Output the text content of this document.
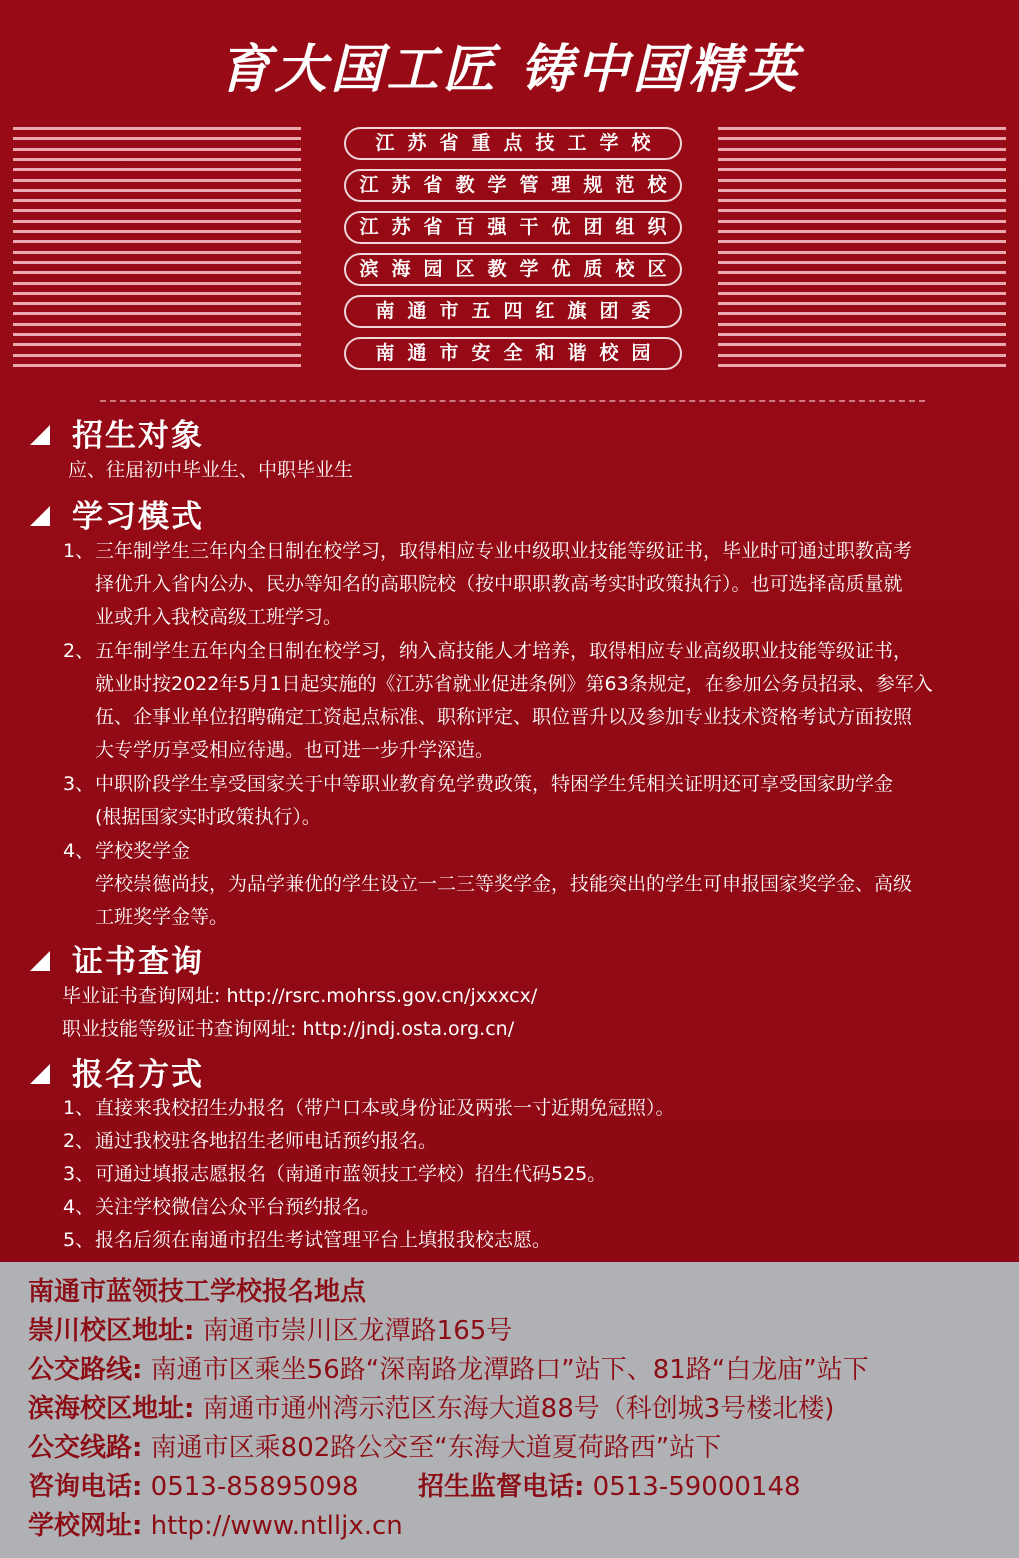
育大国工匠 铸中国精英
江苏省重点技工学校
江苏省教学管理规范校
江苏省百强干优团组织
滨海园区教学优质校区
南通市五四红旗团委
南通市安全和谐校园
招生对象
应、往届初中毕业生、中职毕业生
学习模式
1、 三年制学生三年内全日制在校学习，取得相应专业中级职业技能等级证书，毕业时可通过职教高考
择优升入省内公办、民办等知名的高职院校（按中职职教高考实时政策执行）。也可选择高质量就
业或升入我校高级工班学习。
2、 五年制学生五年内全日制在校学习，纳入高技能人才培养，取得相应专业高级职业技能等级证书，
就业时按2022年5月1日起实施的《江苏省就业促进条例》第63条规定，在参加公务员招录、参军入
伍、企事业单位招聘确定工资起点标准、职称评定、职位晋升以及参加专业技术资格考试方面按照
大专学历享受相应待遇。也可进一步升学深造。
3、 中职阶段学生享受国家关于中等职业教育免学费政策，特困学生凭相关证明还可享受国家助学金
(根据国家实时政策执行）。
4、 学校奖学金
学校崇德尚技，为品学兼优的学生设立一二三等奖学金，技能突出的学生可申报国家奖学金、高级
工班奖学金等。
证书查询
毕业证书查询网址: http://rsrc.mohrss.gov.cn/jxxxcx/
职业技能等级证书查询网址: http://jndj.osta.org.cn/
报名方式
1、 直接来我校招生办报名（带户口本或身份证及两张一寸近期免冠照）。
2、 通过我校驻各地招生老师电话预约报名。
3、 可通过填报志愿报名（南通市蓝领技工学校）招生代码525。
4、 关注学校微信公众平台预约报名。
5、 报名后须在南通市招生考试管理平台上填报我校志愿。
南通市蓝领技工学校报名地点
崇川校区地址: 南通市崇川区龙潭路165号
公交路线: 南通市区乘坐56路“深南路龙潭路口”站下、81路“白龙庙”站下
滨海校区地址: 南通市通州湾示范区东海大道88号（科创城3号楼北楼)
公交线路: 南通市区乘802路公交至“东海大道夏荷路西”站下
咨询电话: 0513-85895098 招生监督电话: 0513-59000148
学校网址: http://www.ntlljx.cn
